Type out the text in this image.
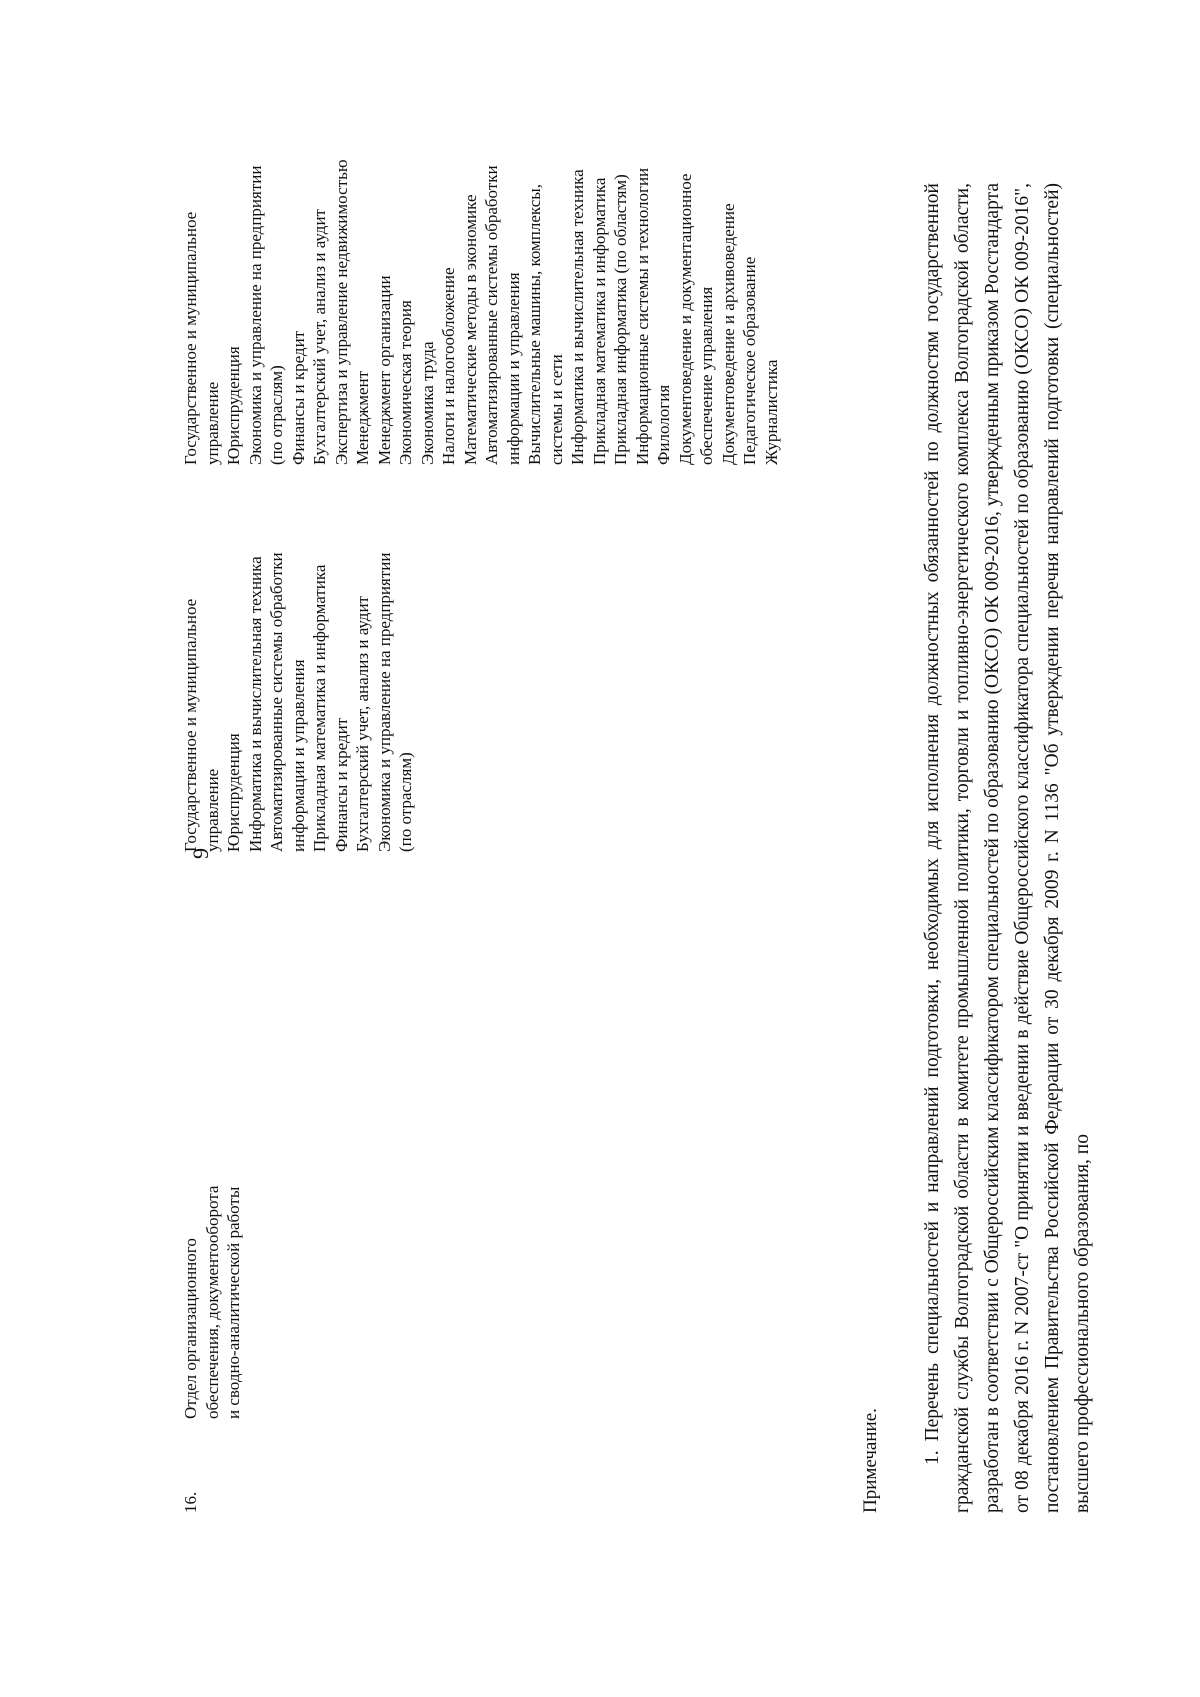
9
16.
Отдел организационного обеспечения, документооборота и сводно-аналитической работы
Государственное и муниципальное управление Юриспруденция Информатика и вычислительная техника Автоматизированные системы обработки информации и управления Прикладная математика и информатика Финансы и кредит Бухгалтерский учет, анализ и аудит Экономика и управление на предприятии (по отраслям)
Государственное и муниципальное управление Юриспруденция Экономика и управление на предприятии (по отраслям) Финансы и кредит Бухгалтерский учет, анализ и аудит Экспертиза и управление недвижимостью Менеджмент Менеджмент организации Экономическая теория Экономика труда Налоги и налогообложение Математические методы в экономике Автоматизированные системы обработки информации и управления Вычислительные машины, комплексы, системы и сети Информатика и вычислительная техника Прикладная математика и информатика Прикладная информатика (по областям) Информационные системы и технологии Филология Документоведение и документационное обеспечение управления Документоведение и архивоведение Педагогическое образование Журналистика
Примечание. 1. Перечень специальностей и направлений подготовки, необходимых для исполнения должностных обязанностей по должностям государственной гражданской службы Волгоградской области в комитете промышленной политики, торговли и топливно-энергетического комплекса Волгоградской области, разработан в соответствии с Общероссийским классификатором специальностей по образованию (ОКСО) ОК 009-2016, утвержденным приказом Росстандарта от 08 декабря 2016 г. N 2007-ст "О принятии и введении в действие Общероссийского классификатора специальностей по образованию (ОКСО) ОК 009-2016", постановлением Правительства Российской Федерации от 30 декабря 2009 г. N 1136 "Об утверждении перечня направлений подготовки (специальностей) высшего профессионального образования, по
